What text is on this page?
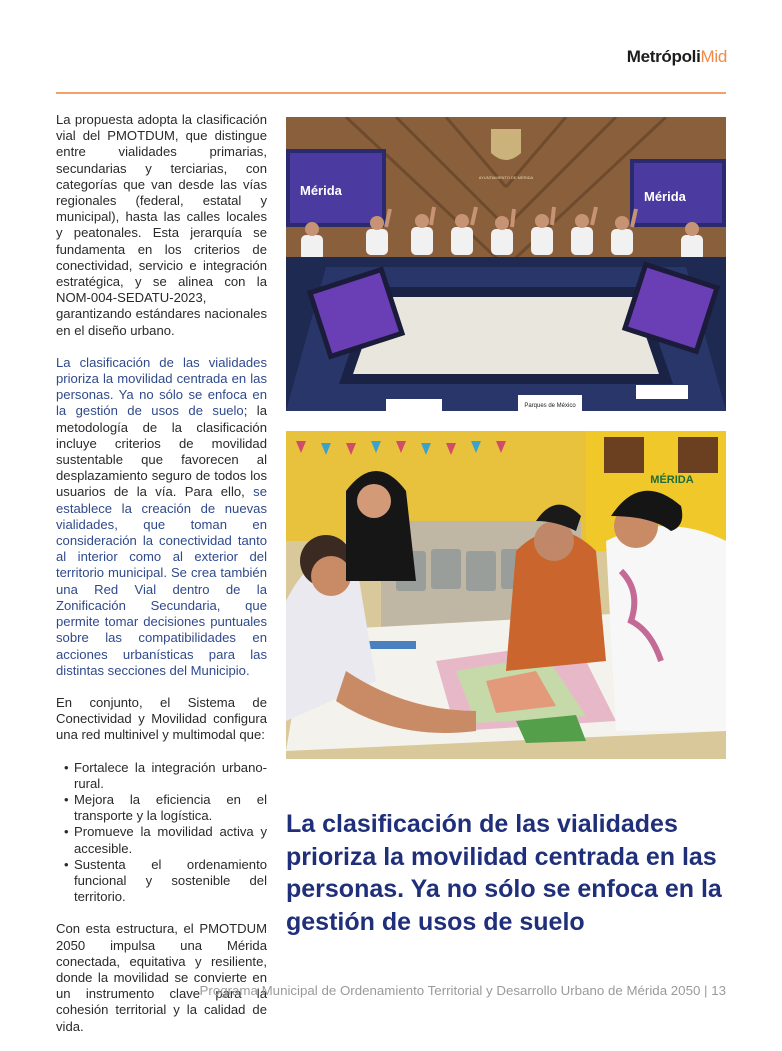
MetrópoliMid

La propuesta adopta la clasificación vial del PMOTDUM, que distingue entre vialidades primarias, secundarias y terciarias, con categorías que van desde las vías regionales (federal, estatal y municipal), hasta las calles locales y peatonales. Esta jerarquía se fundamenta en los criterios de conectividad, servicio e integración estratégica, y se alinea con la NOM-004-SEDATU-2023, garantizando estándares nacionales en el diseño urbano.

La clasificación de las vialidades prioriza la movilidad centrada en las personas. Ya no sólo se enfoca en la gestión de usos de suelo; la metodología de la clasificación incluye criterios de movilidad sustentable que favorecen al desplazamiento seguro de todos los usuarios de la vía. Para ello, se establece la creación de nuevas vialidades, que toman en consideración la conectividad tanto al interior como al exterior del territorio municipal. Se crea también una Red Vial dentro de la Zonificación Secundaria, que permite tomar decisiones puntuales sobre las compatibilidades en acciones urbanísticas para las distintas secciones del Municipio.

En conjunto, el Sistema de Conectividad y Movilidad configura una red multinivel y multimodal que:

• Fortalece la integración urbano-rural.
• Mejora la eficiencia en el transporte y la logística.
• Promueve la movilidad activa y accesible.
• Sustenta el ordenamiento funcional y sostenible del territorio.

Con esta estructura, el PMOTDUM 2050 impulsa una Mérida conectada, equitativa y resiliente, donde la movilidad se convierte en un instrumento clave para la cohesión territorial y la calidad de vida.

AYUNTAMIENTO DE MÉRIDA
Mérida	Mérida
Parques de México
MÉRIDA
La clasificación de las vialidades prioriza la movilidad centrada en las personas. Ya no sólo se enfoca en la gestión de usos de suelo
Programa Municipal de Ordenamiento Territorial y Desarrollo Urbano de Mérida 2050 | 13
